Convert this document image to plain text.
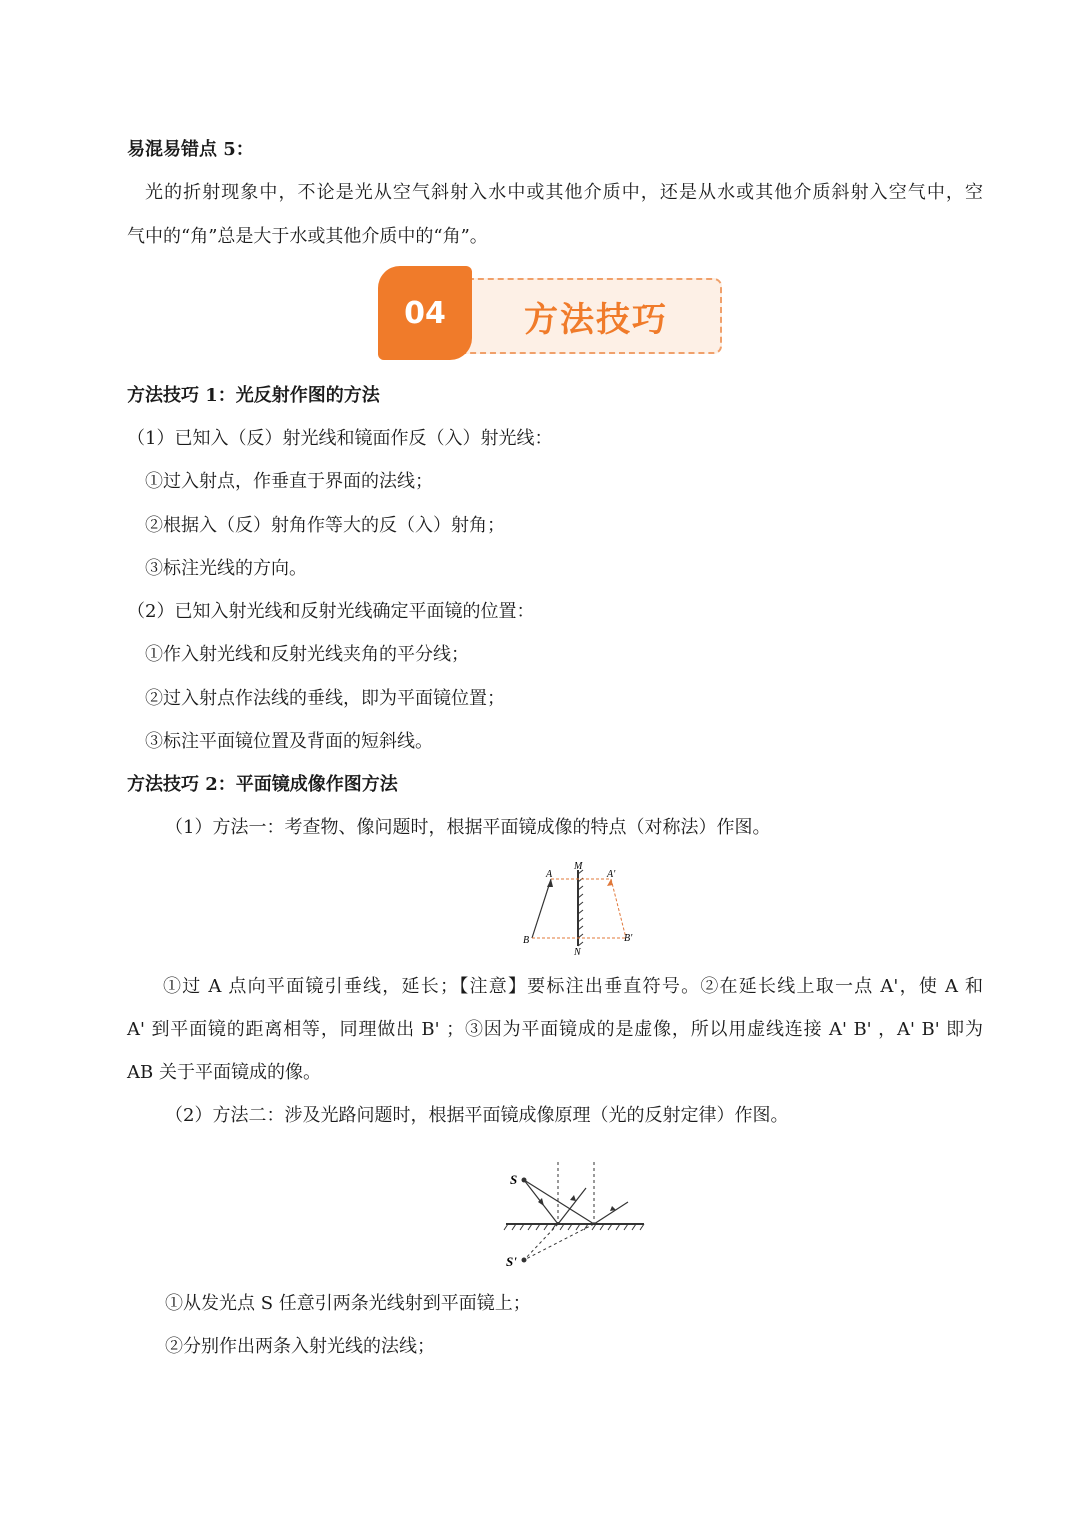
易混易错点 5：
光的折射现象中，不论是光从空气斜射入水中或其他介质中，还是从水或其他介质斜射入空气中，空
气中的“角”总是大于水或其他介质中的“角”。
04	方法技巧
方法技巧 1：光反射作图的方法
（1）已知入（反）射光线和镜面作反（入）射光线：
①过入射点，作垂直于界面的法线；
②根据入（反）射角作等大的反（入）射角；
③标注光线的方向。
（2）已知入射光线和反射光线确定平面镜的位置：
①作入射光线和反射光线夹角的平分线；
②过入射点作法线的垂线，即为平面镜位置；
③标注平面镜位置及背面的短斜线。
方法技巧 2：平面镜成像作图方法
（1）方法一：考查物、像问题时，根据平面镜成像的特点（对称法）作图。
M
N
A	A'
B	B'
①过 A 点向平面镜引垂线，延长；【注意】要标注出垂直符号。②在延长线上取一点 A'，使 A 和
A' 到平面镜的距离相等，同理做出 B' ；③因为平面镜成的是虚像，所以用虚线连接 A' B' ，A' B' 即为
AB 关于平面镜成的像。
（2）方法二：涉及光路问题时，根据平面镜成像原理（光的反射定律）作图。
S
S'
①从发光点 S 任意引两条光线射到平面镜上；
②分别作出两条入射光线的法线；
